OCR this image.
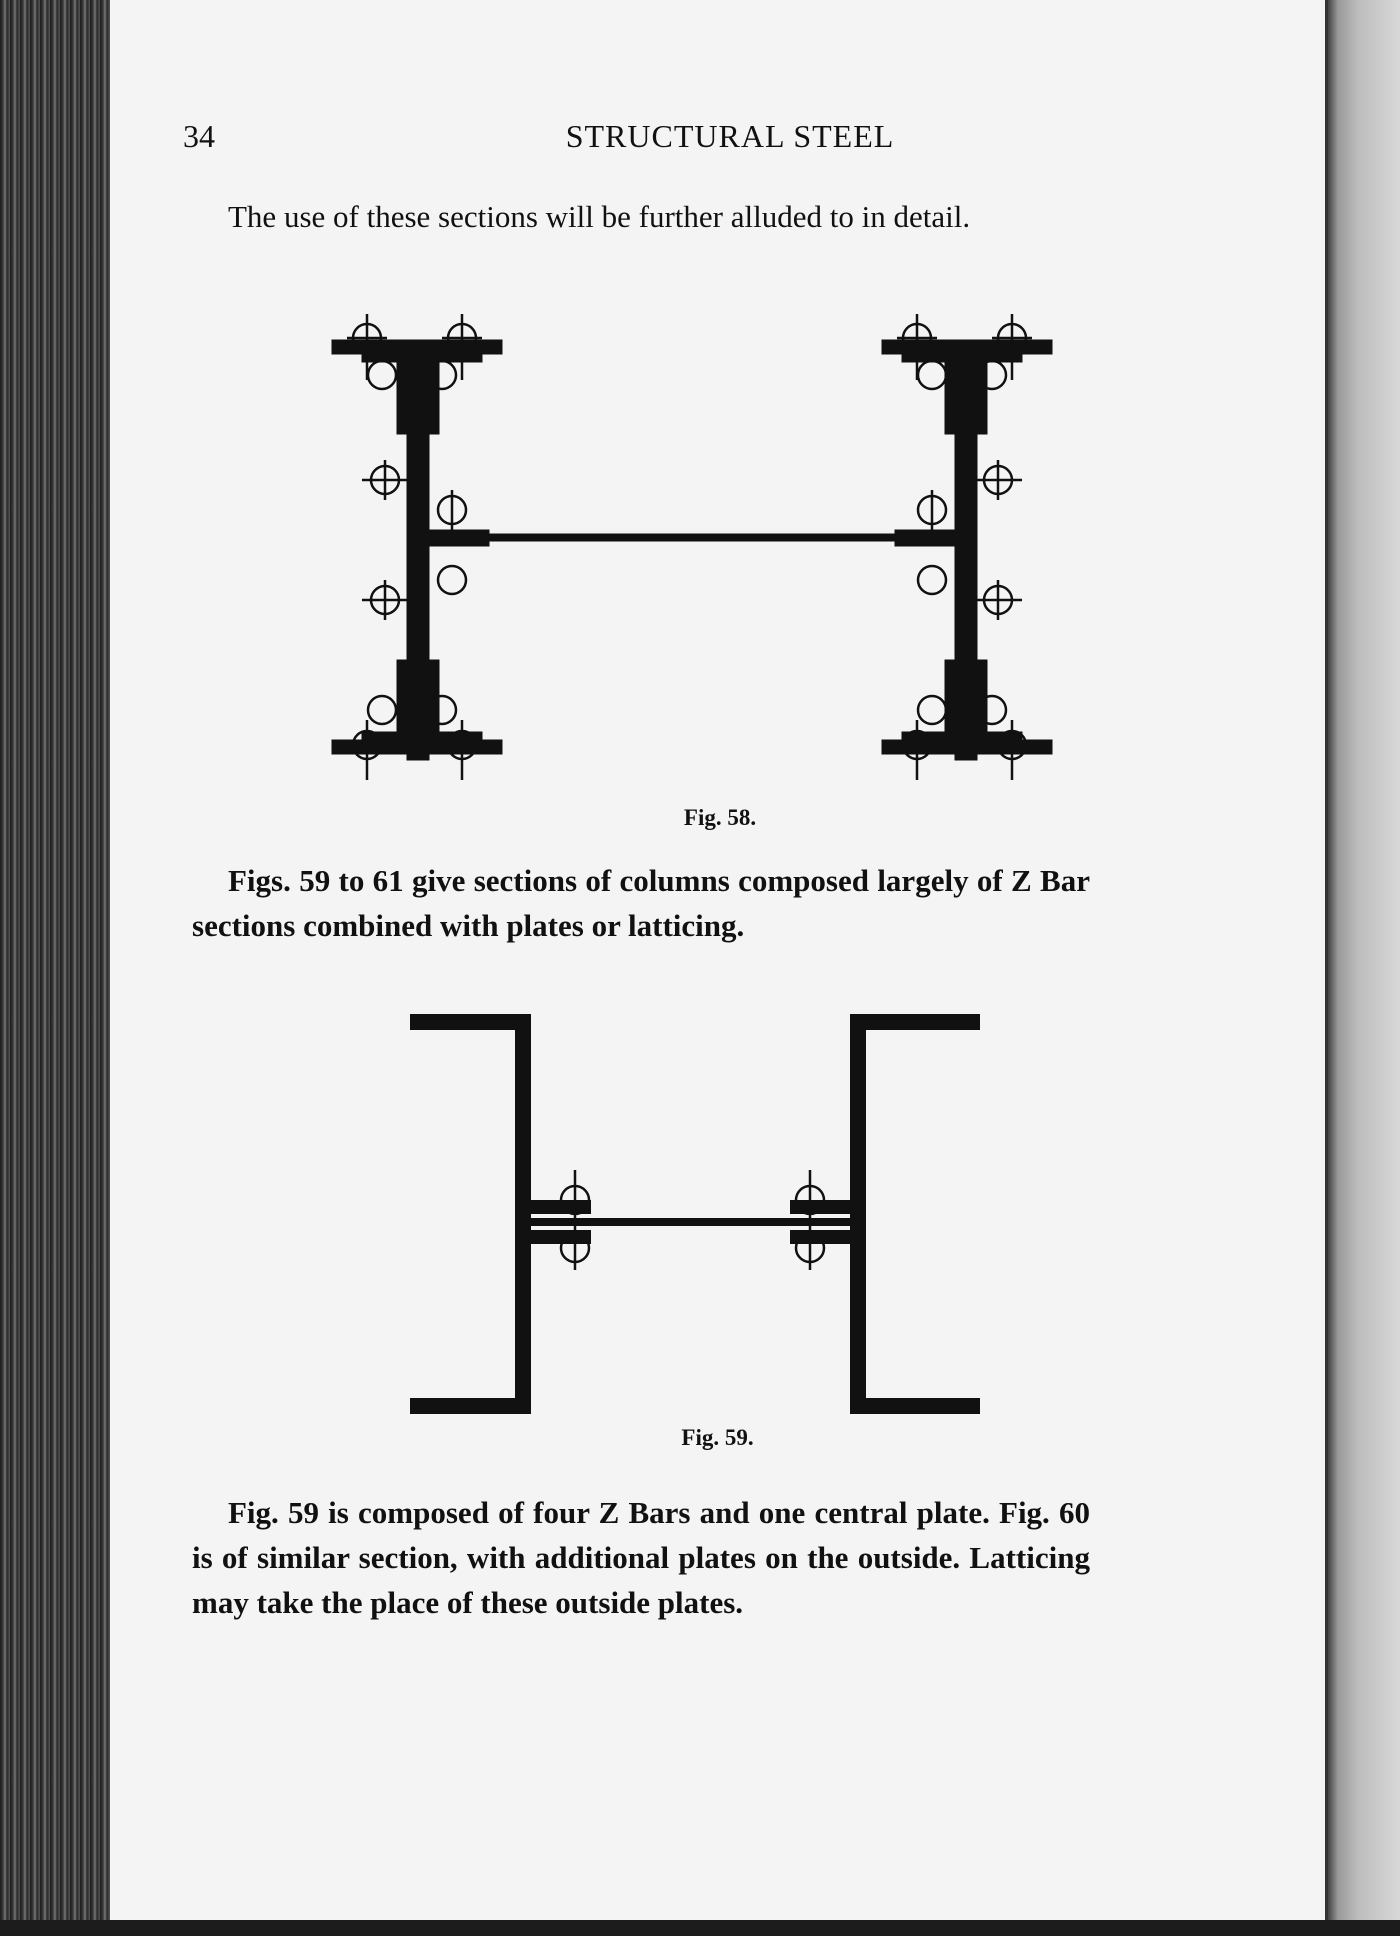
34	STRUCTURAL STEEL

The use of these sections will be further alluded to in detail.

Fig. 58.

Figs. 59 to 61 give sections of columns composed largely of Z Bar sections combined with plates or latticing.

Fig. 59.

Fig. 59 is composed of four Z Bars and one central plate. Fig. 60 is of similar section, with additional plates on the outside. Latticing may take the place of these outside plates.
